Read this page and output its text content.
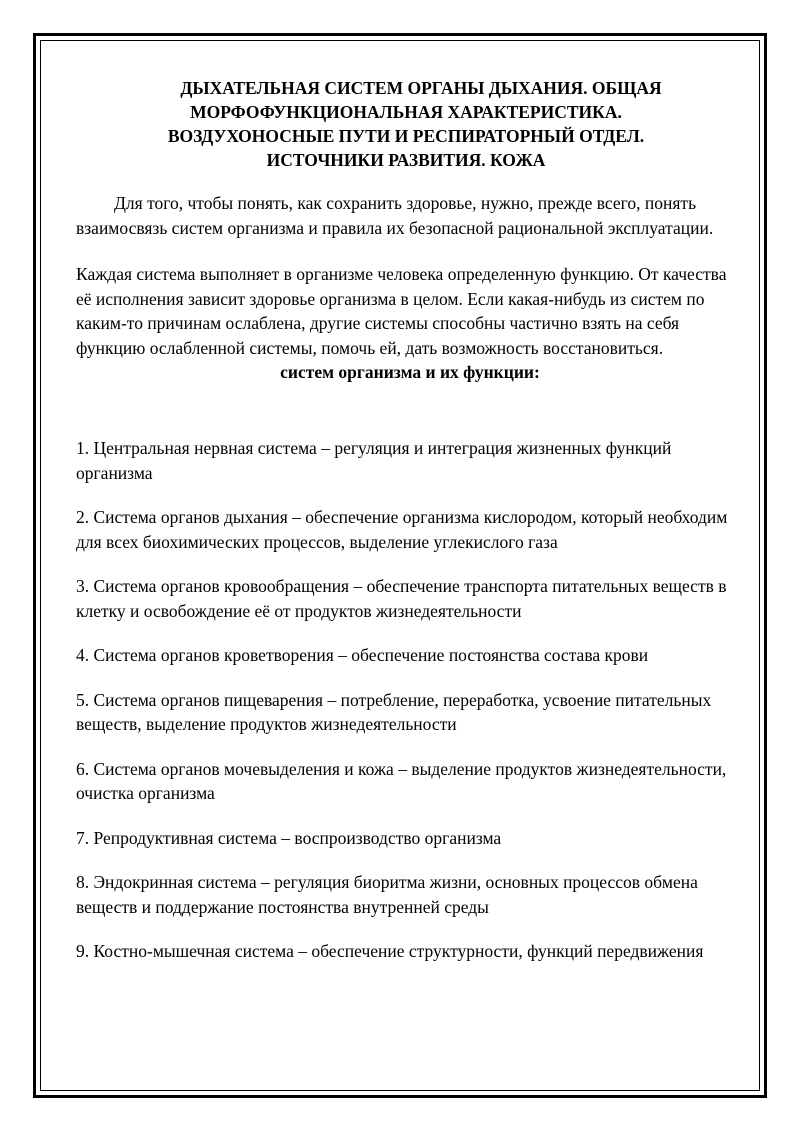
ДЫХАТЕЛЬНАЯ СИСТЕМ ОРГАНЫ ДЫХАНИЯ. ОБЩАЯ
МОРФОФУНКЦИОНАЛЬНАЯ ХАРАКТЕРИСТИКА.
ВОЗДУХОНОСНЫЕ ПУТИ И РЕСПИРАТОРНЫЙ ОТДЕЛ.
ИСТОЧНИКИ РАЗВИТИЯ. КОЖА

Для того, чтобы понять, как сохранить здоровье, нужно, прежде всего, понять взаимосвязь систем организма и правила их безопасной рациональной эксплуатации.

Каждая система выполняет в организме человека определенную функцию. От качества её исполнения зависит здоровье организма в целом. Если какая-нибудь из систем по каким-то причинам ослаблена, другие системы способны частично взять на себя функцию ослабленной системы, помочь ей, дать возможность восстановиться.

систем организма и их функции:

1. Центральная нервная система – регуляция и интеграция жизненных функций организма
2. Система органов дыхания – обеспечение организма кислородом, который необходим для всех биохимических процессов, выделение углекислого газа
3. Система органов кровообращения – обеспечение транспорта питательных веществ в клетку и освобождение её от продуктов жизнедеятельности
4. Система органов кроветворения – обеспечение постоянства состава крови
5. Система органов пищеварения – потребление, переработка, усвоение питательных веществ, выделение продуктов жизнедеятельности
6. Система органов мочевыделения и кожа – выделение продуктов жизнедеятельности, очистка организма
7. Репродуктивная система – воспроизводство организма
8. Эндокринная система – регуляция биоритма жизни, основных процессов обмена веществ и поддержание постоянства внутренней среды
9. Костно-мышечная система – обеспечение структурности, функций передвижения
